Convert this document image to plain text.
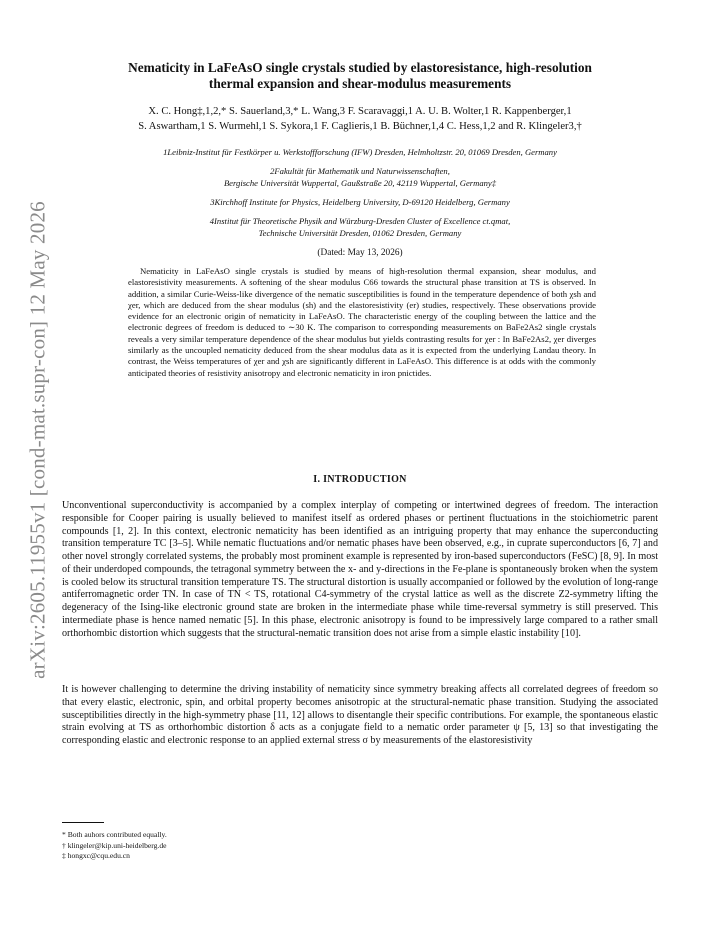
arXiv:2605.11955v1 [cond-mat.supr-con] 12 May 2026
Nematicity in LaFeAsO single crystals studied by elastoresistance, high-resolution
thermal expansion and shear-modulus measurements
X. C. Hong‡,1,2,* S. Sauerland,3,* L. Wang,3 F. Scaravaggi,1 A. U. B. Wolter,1 R. Kappenberger,1
S. Aswartham,1 S. Wurmehl,1 S. Sykora,1 F. Caglieris,1 B. Büchner,1,4 C. Hess,1,2 and R. Klingeler3,†
1Leibniz-Institut für Festkörper u. Werkstoffforschung (IFW) Dresden, Helmholtzstr. 20, 01069 Dresden, Germany
2Fakultät für Mathematik und Naturwissenschaften,
Bergische Universität Wuppertal, Gaußstraße 20, 42119 Wuppertal, Germany‡
3Kirchhoff Institute for Physics, Heidelberg University, D-69120 Heidelberg, Germany
4Institut für Theoretische Physik and Würzburg-Dresden Cluster of Excellence ct.qmat,
Technische Universität Dresden, 01062 Dresden, Germany
(Dated: May 13, 2026)

Nematicity in LaFeAsO single crystals is studied by means of high-resolution thermal expansion, shear modulus, and elastoresistivity measurements. A softening of the shear modulus C66 towards the structural phase transition at TS is observed. In addition, a similar Curie-Weiss-like divergence of the nematic susceptibilities is found in the temperature dependence of both χsh and χer, which are deduced from the shear modulus (sh) and the elastoresistivity (er) studies, respectively. These observations provide evidence for an electronic origin of nematicity in LaFeAsO. The characteristic energy of the coupling between the lattice and the electronic degrees of freedom is deduced to ∼30 K. The comparison to corresponding measurements on BaFe2As2 single crystals reveals a very similar temperature dependence of the shear modulus but yields contrasting results for χer : In BaFe2As2, χer diverges similarly as the uncoupled nematicity deduced from the shear modulus data as it is expected from the underlying Landau theory. In contrast, the Weiss temperatures of χer and χsh are significantly different in LaFeAsO. This difference is at odds with the commonly anticipated theories of resistivity anisotropy and electronic nematicity in iron pnictides.

I. INTRODUCTION

Unconventional superconductivity is accompanied by a complex interplay of competing or intertwined degrees of freedom. The interaction responsible for Cooper pairing is usually believed to manifest itself as ordered phases or pertinent fluctuations in the stoichiometric parent compounds [1, 2]. In this context, electronic nematicity has been identified as an intriguing property that may enhance the superconducting transition temperature TC [3–5]. While nematic fluctuations and/or nematic phases have been observed, e.g., in cuprate superconductors [6, 7] and other novel strongly correlated systems, the probably most prominent example is represented by iron-based superconductors (FeSC) [8, 9]. In most of their underdoped compounds, the tetragonal symmetry between the x- and y-directions in the Fe-plane is spontaneously broken when the system is cooled below its structural transition temperature TS. The structural distortion is usually accompanied or followed by the evolution of long-range antiferromagnetic order TN. In case of TN < TS, rotational C4-symmetry of the crystal lattice as well as the discrete Z2-symmetry lifting the degeneracy of the Ising-like electronic ground state are broken in the intermediate phase while time-reversal symmetry is still preserved. This intermediate phase is hence named nematic [5]. In this phase, electronic anisotropy is found to be impressively large compared to a rather small orthorhombic distortion which suggests that the structural-nematic transition does not arise from a simple elastic instability [10].

It is however challenging to determine the driving instability of nematicity since symmetry breaking affects all correlated degrees of freedom so that every elastic, electronic, spin, and orbital property becomes anisotropic at the structural-nematic phase transition. Studying the associated susceptibilities directly in the high-symmetry phase [11, 12] allows to disentangle their specific contributions. For example, the spontaneous elastic strain evolving at TS as orthorhombic distortion δ acts as a conjugate field to a nematic order parameter ψ [5, 13] so that investigating the corresponding elastic and electronic response to an applied external stress σ by measurements of the elastoresistivity

* Both auhors contributed equally.
† klingeler@kip.uni-heidelberg.de
‡ hongxc@cqu.edu.cn
